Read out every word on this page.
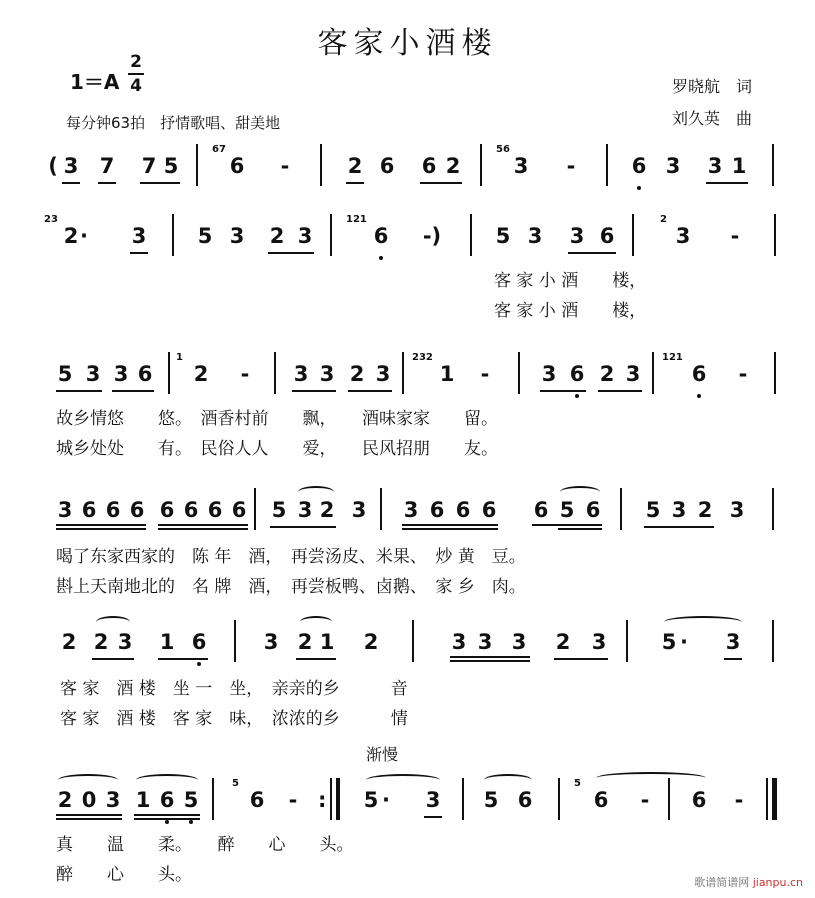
客家小酒楼
1＝A
2
4
每分钟63拍　抒情歌唱、甜美地
罗晓航　词
刘久英　曲
( 3 7 7 5
67
6 -	2 6 6 2
56
3 -	6 3 3 1
23
2 · 3 5 3 2 3
121
6	-)	5 3 3 6
2
3 -
客 家 小 酒　　楼，
客 家 小 酒　　楼，
5 3 3 6
1
2 - 3 3 2 3
232
1 - 3 6 2 3
121
6 -
故乡情悠　　悠。　酒香村前　　飘，　　酒味家家　　留。
城乡处处　　有。　民俗人人　　爱，　　民风招朋　　友。
3 6 6 6 6 6 6 6 5 3 2 3 3 6 6 6 6 5 6 5 3 2 3
喝了东家西家的　陈 年　酒，　再尝汤皮、米果、　炒 黄　豆。
斟上天南地北的　名 牌　酒，　再尝板鸭、卤鹅、　家 乡　肉。
2 2 3 1 6	3 2 1 2	3 3 3 2 3	5 · 3
客 家　酒 楼　坐 一　坐，　亲亲的乡　　　音
客 家　酒 楼　客 家　味，　浓浓的乡　　　情
渐慢
2 0 3 1 6 5
5
6 - : 5 · 3 5 6
5
6 - 6 -
真　　温　　柔。　　醉　　心　　头。
醉　　心　　头。	歌谱简谱网 jianpu.cn
